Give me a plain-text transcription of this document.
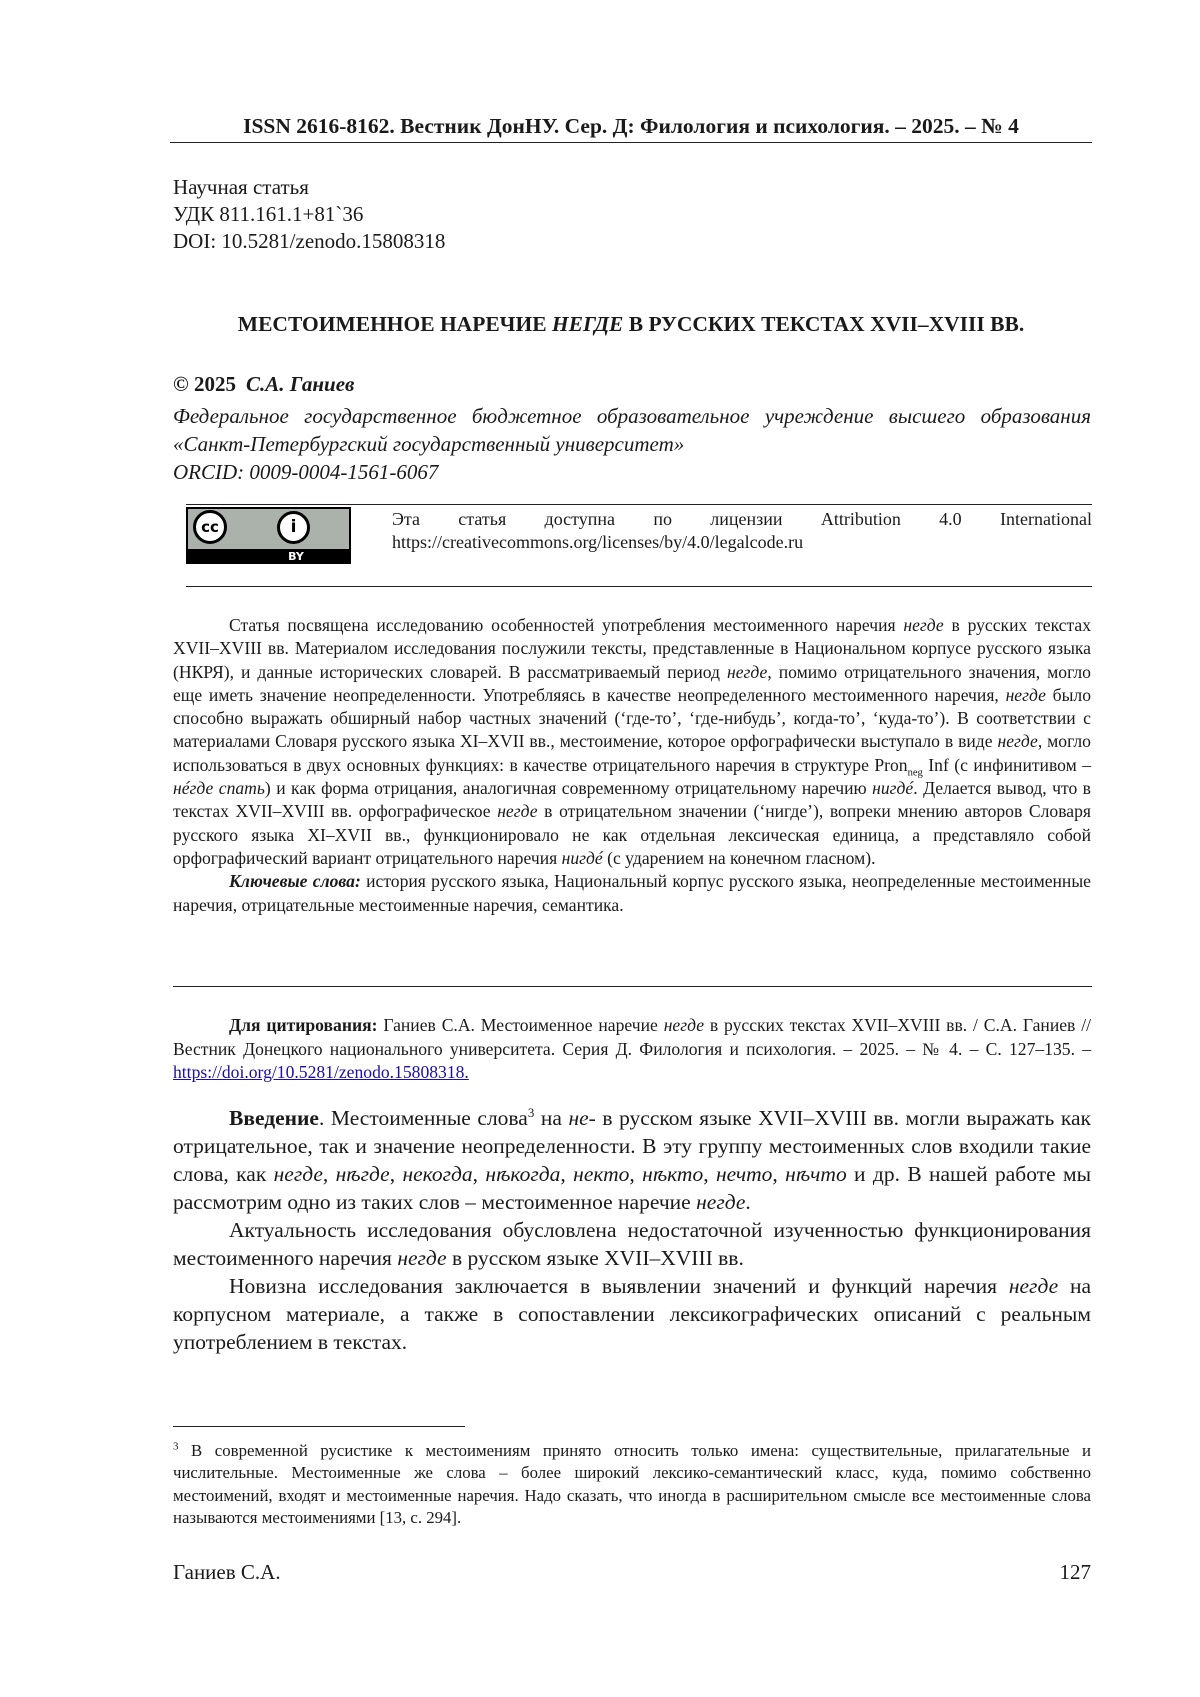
ISSN 2616-8162. Вестник ДонНУ. Сер. Д: Филология и психология. – 2025. – № 4
Научная статья
УДК 811.161.1+81`36
DOI: 10.5281/zenodo.15808318
МЕСТОИМЕННОЕ НАРЕЧИЕ НЕГДЕ В РУССКИХ ТЕКСТАХ XVII–XVIII ВВ.
© 2025 С.А. Ганиев
Федеральное государственное бюджетное образовательное учреждение высшего образования «Санкт-Петербургский государственный университет»
ORCID: 0009-0004-1561-6067
cc	i
BY
Эта статья доступна по лицензии Attribution 4.0 International
https://creativecommons.org/licenses/by/4.0/legalcode.ru

Статья посвящена исследованию особенностей употребления местоименного наречия негде в русских текстах XVII–XVIII вв. Материалом исследования послужили тексты, представленные в Национальном корпусе русского языка (НКРЯ), и данные исторических словарей. В рассматриваемый период негде, помимо отрицательного значения, могло еще иметь значение неопределенности. Употребляясь в качестве неопределенного местоименного наречия, негде было способно выражать обширный набор частных значений (‘где-то’, ‘где-нибудь’, когда-то’, ‘куда-то’). В соответствии с материалами Словаря русского языка XI–XVII вв., местоимение, которое орфографически выступало в виде негде, могло использоваться в двух основных функциях: в качестве отрицательного наречия в структуре Pron$_{neg}$ Inf (с инфинитивом – нéгде спать) и как форма отрицания, аналогичная современному отрицательному наречию нигдé. Делается вывод, что в текстах XVII–XVIII вв. орфографическое негде в отрицательном значении (‘нигде’), вопреки мнению авторов Словаря русского языка XI–XVII вв., функционировало не как отдельная лексическая единица, а представляло собой орфографический вариант отрицательного наречия нигдé (с ударением на конечном гласном).

Ключевые слова: история русского языка, Национальный корпус русского языка, неопределенные местоименные наречия, отрицательные местоименные наречия, семантика.

Для цитирования: Ганиев С.А. Местоименное наречие негде в русских текстах XVII–XVIII вв. / С.А. Ганиев // Вестник Донецкого национального университета. Серия Д. Филология и психология. – 2025. – № 4. – С. 127–135. – https://doi.org/10.5281/zenodo.15808318.

Введение. Местоименные слова$^3$ на не- в русском языке XVII–XVIII вв. могли выражать как отрицательное, так и значение неопределенности. В эту группу местоименных слов входили такие слова, как негде, нѣгде, некогда, нѣкогда, некто, нѣкто, нечто, нѣчто и др. В нашей работе мы рассмотрим одно из таких слов – местоименное наречие негде.

Актуальность исследования обусловлена недостаточной изученностью функционирования местоименного наречия негде в русском языке XVII–XVIII вв.

Новизна исследования заключается в выявлении значений и функций наречия негде на корпусном материале, а также в сопоставлении лексикографических описаний с реальным употреблением в текстах.

$^3$ В современной русистике к местоимениям принято относить только имена: существительные, прилагательные и числительные. Местоименные же слова – более широкий лексико-семантический класс, куда, помимо собственно местоимений, входят и местоименные наречия. Надо сказать, что иногда в расширительном смысле все местоименные слова называются местоимениями [13, с. 294].
Ганиев С.А.	127
